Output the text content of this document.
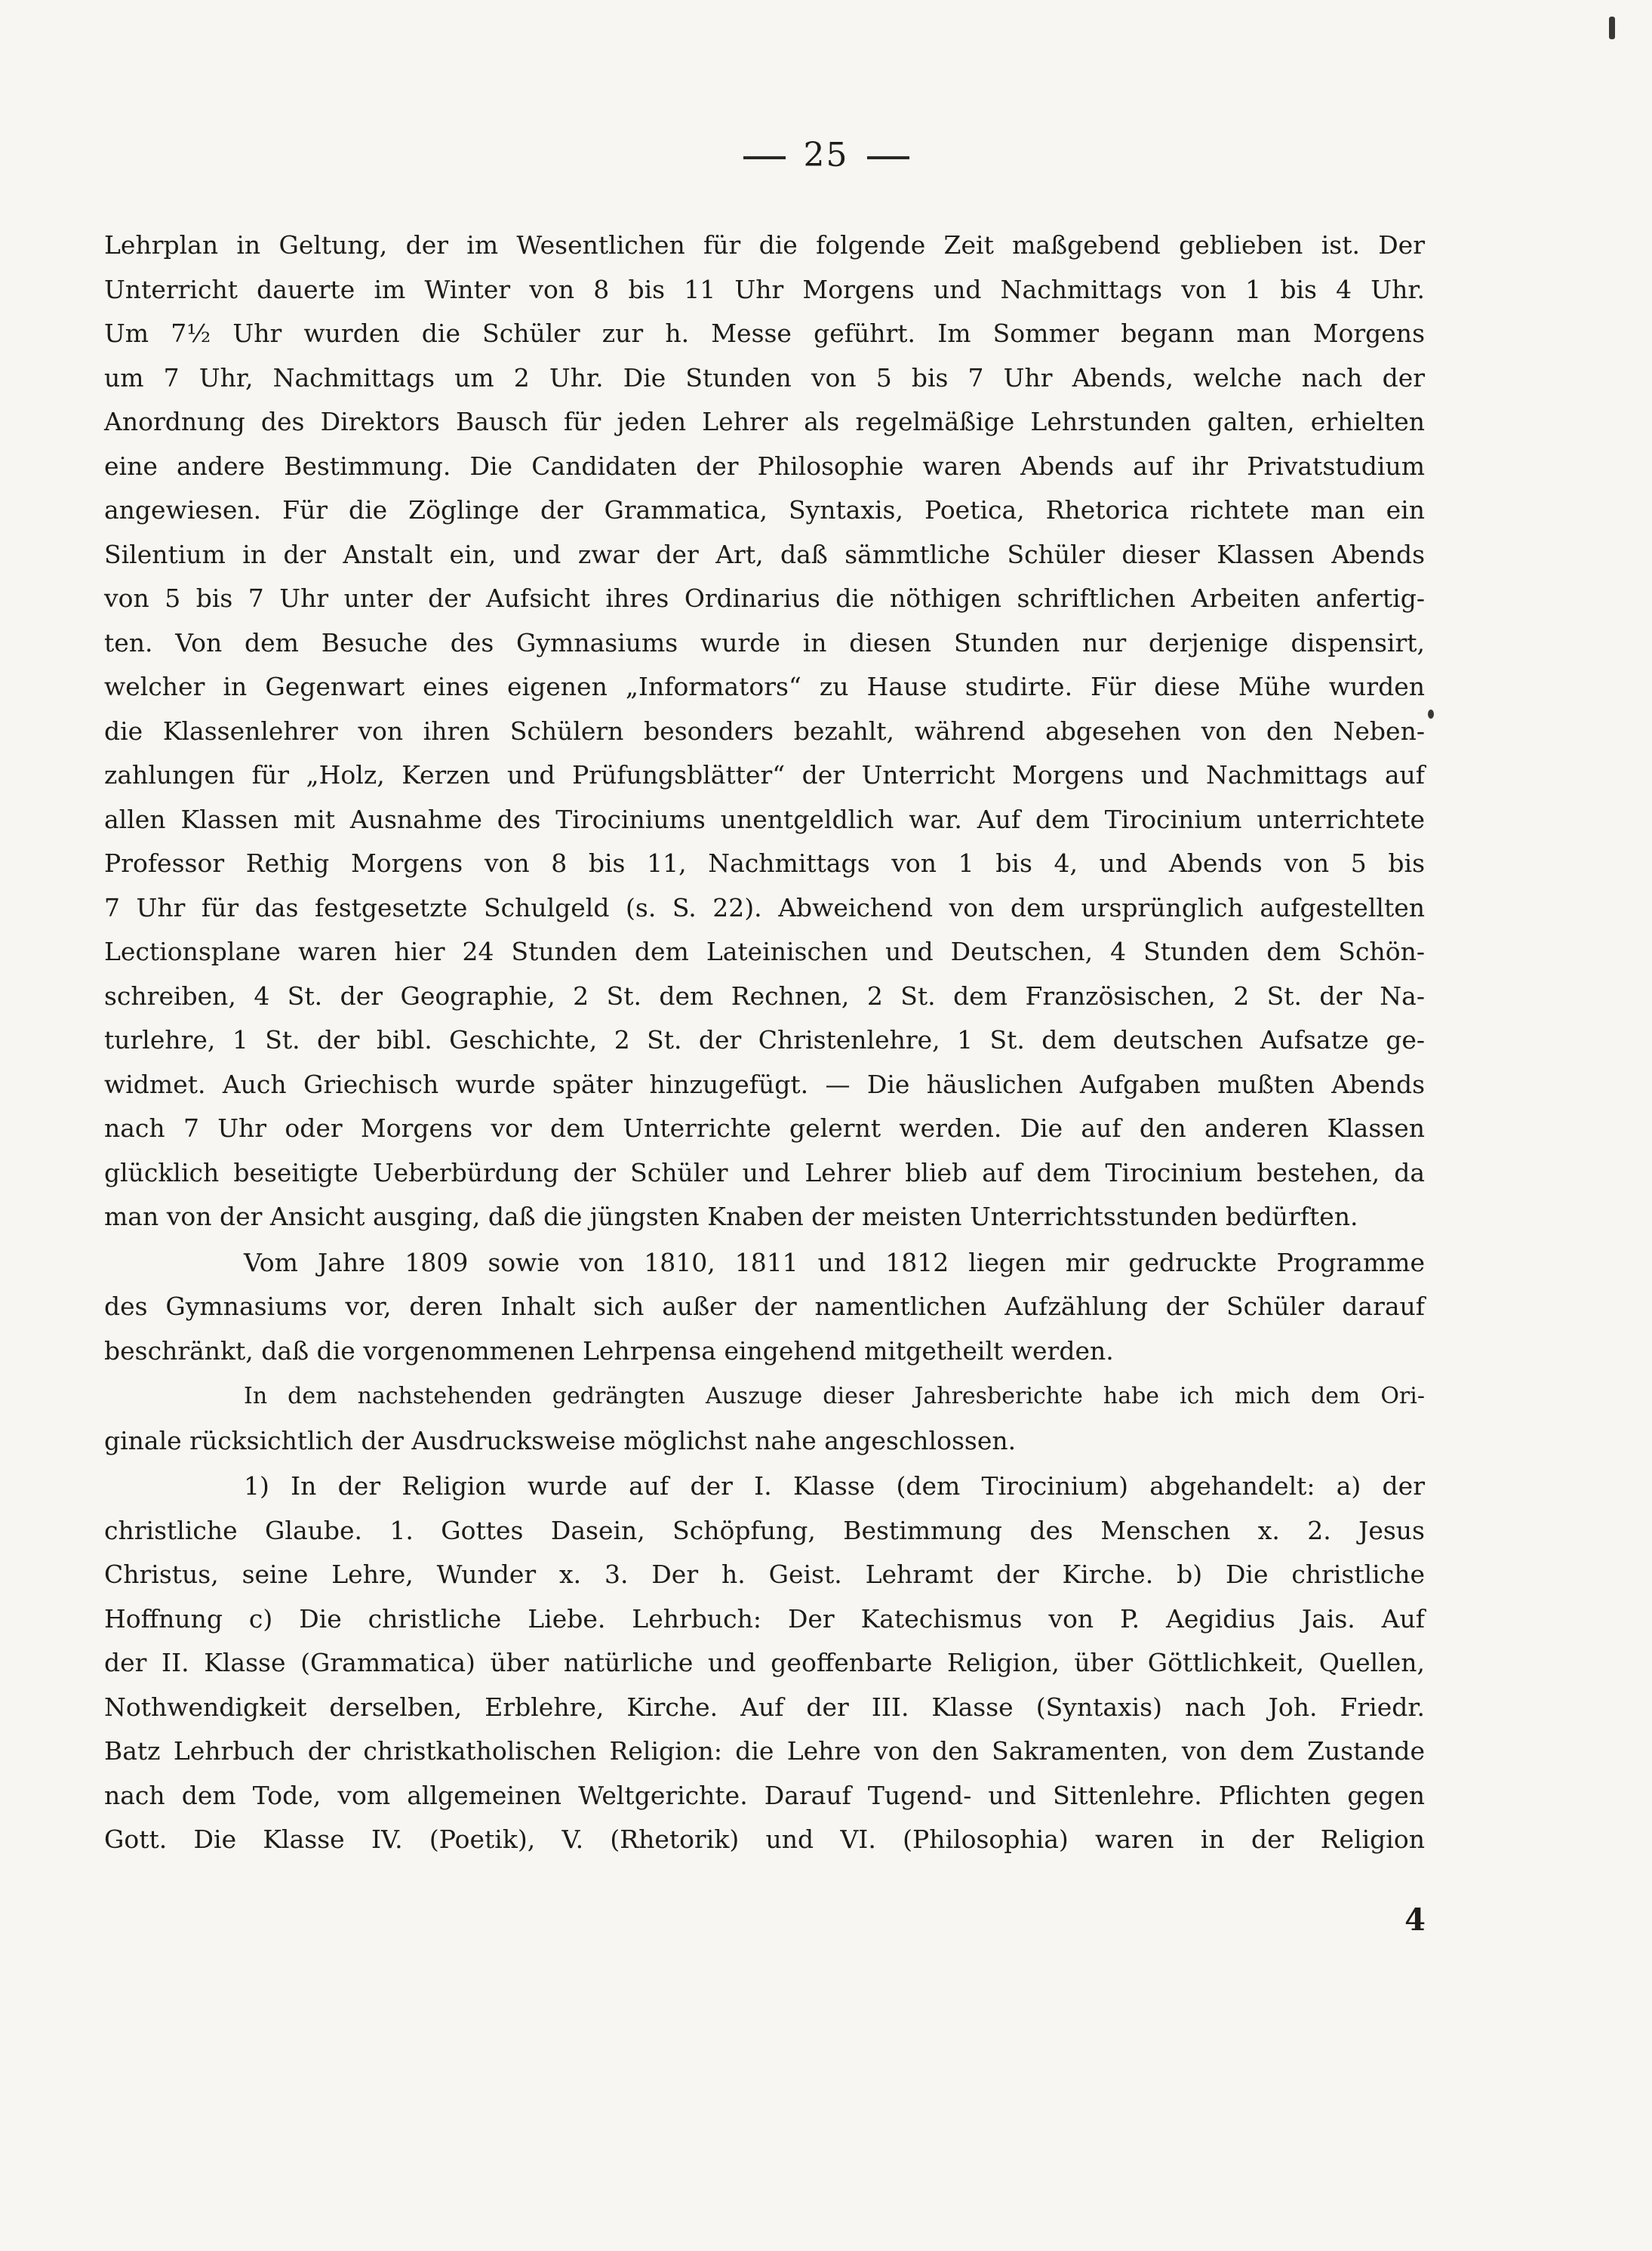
25
Lehrplan in Geltung, der im Wesentlichen für die folgende Zeit maßgebend geblieben ist. Der
Unterricht dauerte im Winter von 8 bis 11 Uhr Morgens und Nachmittags von 1 bis 4 Uhr.
Um 7½ Uhr wurden die Schüler zur h. Messe geführt. Im Sommer begann man Morgens
um 7 Uhr, Nachmittags um 2 Uhr. Die Stunden von 5 bis 7 Uhr Abends, welche nach der
Anordnung des Direktors Bausch für jeden Lehrer als regelmäßige Lehrstunden galten, erhielten
eine andere Bestimmung. Die Candidaten der Philosophie waren Abends auf ihr Privatstudium
angewiesen. Für die Zöglinge der Grammatica, Syntaxis, Poetica, Rhetorica richtete man ein
Silentium in der Anstalt ein, und zwar der Art, daß sämmtliche Schüler dieser Klassen Abends
von 5 bis 7 Uhr unter der Aufsicht ihres Ordinarius die nöthigen schriftlichen Arbeiten anfertig-
ten. Von dem Besuche des Gymnasiums wurde in diesen Stunden nur derjenige dispensirt,
welcher in Gegenwart eines eigenen „Informators“ zu Hause studirte. Für diese Mühe wurden
die Klassenlehrer von ihren Schülern besonders bezahlt, während abgesehen von den Neben-
zahlungen für „Holz, Kerzen und Prüfungsblätter“ der Unterricht Morgens und Nachmittags auf
allen Klassen mit Ausnahme des Tirociniums unentgeldlich war. Auf dem Tirocinium unterrichtete
Professor Rethig Morgens von 8 bis 11, Nachmittags von 1 bis 4, und Abends von 5 bis
7 Uhr für das festgesetzte Schulgeld (s. S. 22). Abweichend von dem ursprünglich aufgestellten
Lectionsplane waren hier 24 Stunden dem Lateinischen und Deutschen, 4 Stunden dem Schön-
schreiben, 4 St. der Geographie, 2 St. dem Rechnen, 2 St. dem Französischen, 2 St. der Na-
turlehre, 1 St. der bibl. Geschichte, 2 St. der Christenlehre, 1 St. dem deutschen Aufsatze ge-
widmet. Auch Griechisch wurde später hinzugefügt. — Die häuslichen Aufgaben mußten Abends
nach 7 Uhr oder Morgens vor dem Unterrichte gelernt werden. Die auf den anderen Klassen
glücklich beseitigte Ueberbürdung der Schüler und Lehrer blieb auf dem Tirocinium bestehen, da
man von der Ansicht ausging, daß die jüngsten Knaben der meisten Unterrichtsstunden bedürften.
Vom Jahre 1809 sowie von 1810, 1811 und 1812 liegen mir gedruckte Programme
des Gymnasiums vor, deren Inhalt sich außer der namentlichen Aufzählung der Schüler darauf
beschränkt, daß die vorgenommenen Lehrpensa eingehend mitgetheilt werden.
In dem nachstehenden gedrängten Auszuge dieser Jahresberichte habe ich mich dem Ori-
ginale rücksichtlich der Ausdrucksweise möglichst nahe angeschlossen.
1) In der Religion wurde auf der I. Klasse (dem Tirocinium) abgehandelt: a) der
christliche Glaube. 1. Gottes Dasein, Schöpfung, Bestimmung des Menschen x. 2. Jesus
Christus, seine Lehre, Wunder x. 3. Der h. Geist. Lehramt der Kirche. b) Die christliche
Hoffnung c) Die christliche Liebe. Lehrbuch: Der Katechismus von P. Aegidius Jais. Auf
der II. Klasse (Grammatica) über natürliche und geoffenbarte Religion, über Göttlichkeit, Quellen,
Nothwendigkeit derselben, Erblehre, Kirche. Auf der III. Klasse (Syntaxis) nach Joh. Friedr.
Batz Lehrbuch der christkatholischen Religion: die Lehre von den Sakramenten, von dem Zustande
nach dem Tode, vom allgemeinen Weltgerichte. Darauf Tugend- und Sittenlehre. Pflichten gegen
Gott. Die Klasse IV. (Poetik), V. (Rhetorik) und VI. (Philosophia) waren in der Religion
4
